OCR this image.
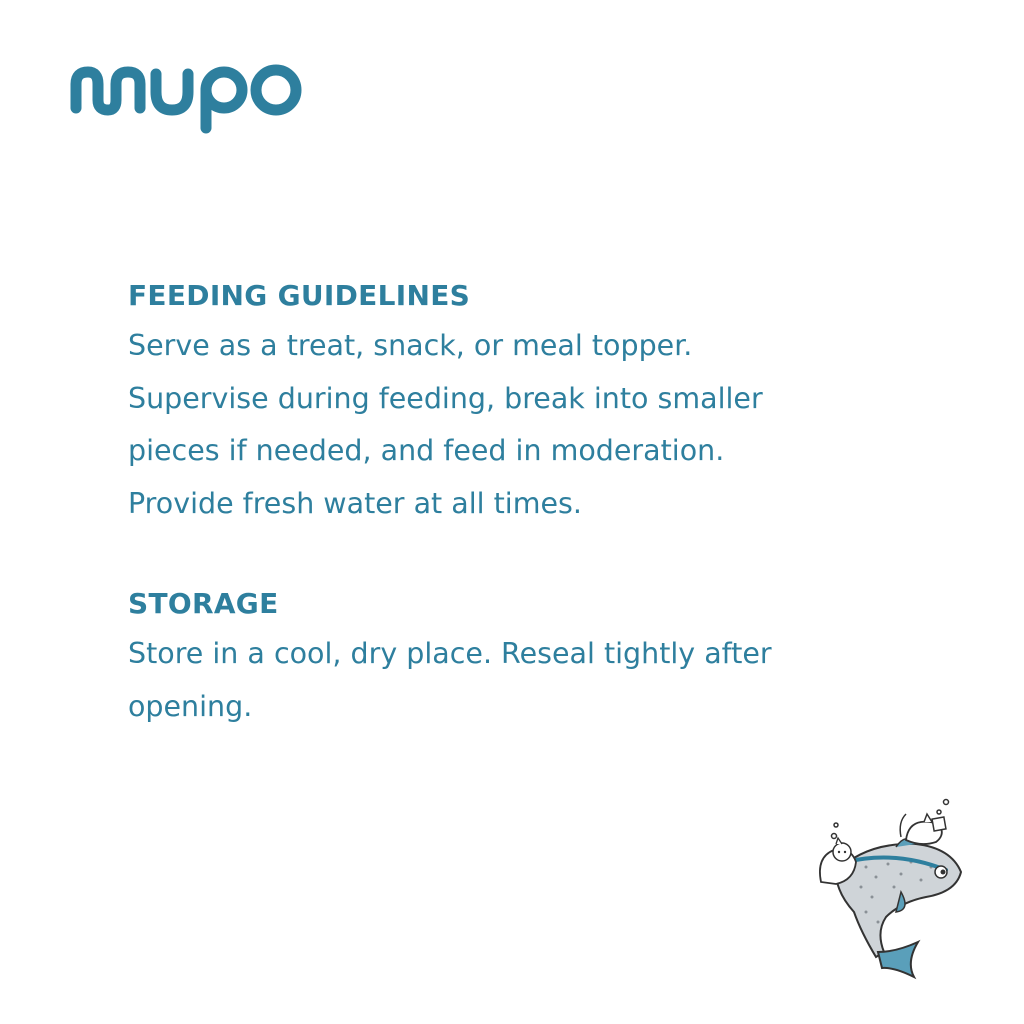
FEEDING GUIDELINES

Serve as a treat, snack, or meal topper.
Supervise during feeding, break into smaller
pieces if needed, and feed in moderation.
Provide fresh water at all times.

STORAGE

Store in a cool, dry place. Reseal tightly after
opening.
